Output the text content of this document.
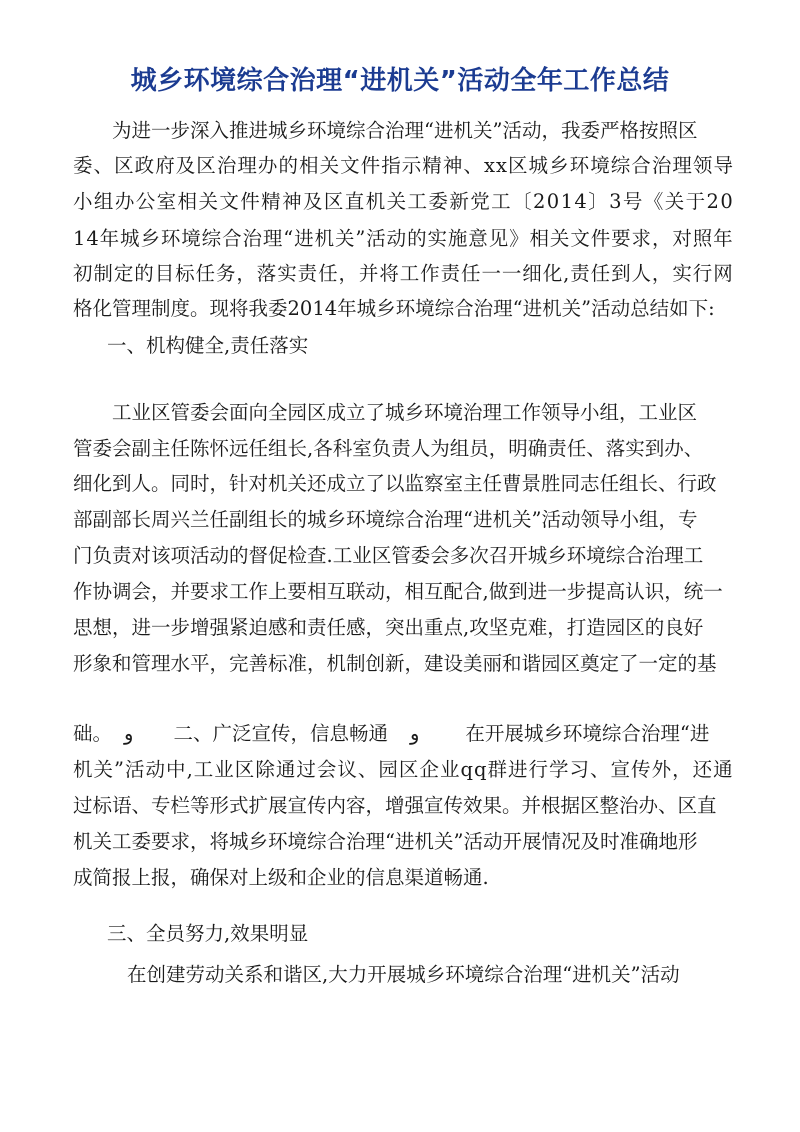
城乡环境综合治理“进机关”活动全年工作总结
为进一步深入推进城乡环境综合治理“进机关”活动，我委严格按照区
委 、 区 政 府 及 区 治 理 办 的 相 关 文 件 指 示 精 神 、 x x 区 城 乡 环 境 综 合 治 理 领 导
小 组 办 公 室 相 关 文 件 精 神 及 区 直 机 关 工 委 新 党 工 〔 2 0 1 4 〕 3 号 《 关 于 2 0
1 4 年 城 乡 环 境 综 合 治 理 “ 进 机 关 ” 活 动 的 实 施 意 见 》 相 关 文 件 要 求 ， 对 照 年
初 制 定 的 目 标 任 务 ， 落 实 责 任 ， 并 将 工 作 责 任 一 一 细 化 , 责 任 到 人 ， 实 行 网
格化管理制度。现将我委2014年城乡环境综合治理“进机关”活动总结如下:
一、机构健全,责任落实
工业区管委会面向全园区成立了城乡环境治理工作领导小组，工业区
管委会副主任陈怀远任组长,各科室负责人为组员，明确责任、落实到办、
细化到人。同时，针对机关还成立了以监察室主任曹景胜同志任组长、行政
部副部长周兴兰任副组长的城乡环境综合治理“进机关”活动领导小组，专
门负责对该项活动的督促检查.工业区管委会多次召开城乡环境综合治理工
作协调会，并要求工作上要相互联动，相互配合,做到进一步提高认识，统一
思想，进一步增强紧迫感和责任感，突出重点,攻坚克难，打造园区的良好
形象和管理水平，完善标准，机制创新，建设美丽和谐园区奠定了一定的基
础。 و 二、广泛宣传，信息畅通 و 在开展城乡环境综合治理“进
机 关 ” 活 动 中 , 工 业 区 除 通 过 会 议 、 园 区 企 业 q q 群 进 行 学 习 、 宣 传 外 ， 还 通
过标语、专栏等形式扩展宣传内容，增强宣传效果。并根据区整治办、区直
机关工委要求，将城乡环境综合治理“进机关”活动开展情况及时准确地形
成简报上报，确保对上级和企业的信息渠道畅通.
三、全员努力,效果明显
在创建劳动关系和谐区,大力开展城乡环境综合治理“进机关”活动
